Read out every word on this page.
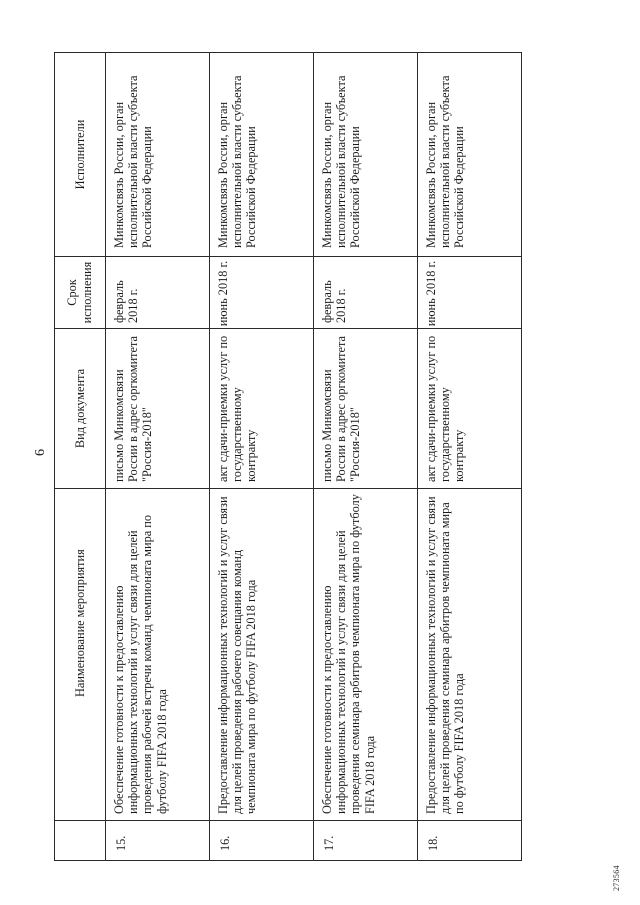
6
	Наименование мероприятия	Вид документа	Срок исполнения	Исполнители
15.	Обеспечение готовности к предоставлению информационных технологий и услуг связи для целей проведения рабочей встречи команд чемпионата мира по футболу FIFA 2018 года	письмо Минкомсвязи России в адрес оргкомитета "Россия-2018"	февраль 2018 г.	Минкомсвязь России, орган исполнительной власти субъекта Российской Федерации
16.	Предоставление информационных технологий и услуг связи для целей проведения рабочего совещания команд чемпионата мира по футболу FIFA 2018 года	акт сдачи-приемки услуг по государственному контракту	июнь 2018 г.	Минкомсвязь России, орган исполнительной власти субъекта Российской Федерации
17.	Обеспечение готовности к предоставлению информационных технологий и услуг связи для целей проведения семинара арбитров чемпионата мира по футболу FIFA 2018 года	письмо Минкомсвязи России в адрес оргкомитета "Россия-2018"	февраль 2018 г.	Минкомсвязь России, орган исполнительной власти субъекта Российской Федерации
18.	Предоставление информационных технологий и услуг связи для целей проведения семинара арбитров чемпионата мира по футболу FIFA 2018 года	акт сдачи-приемки услуг по государственному контракту	июнь 2018 г.	Минкомсвязь России, орган исполнительной власти субъекта Российской Федерации
273564
